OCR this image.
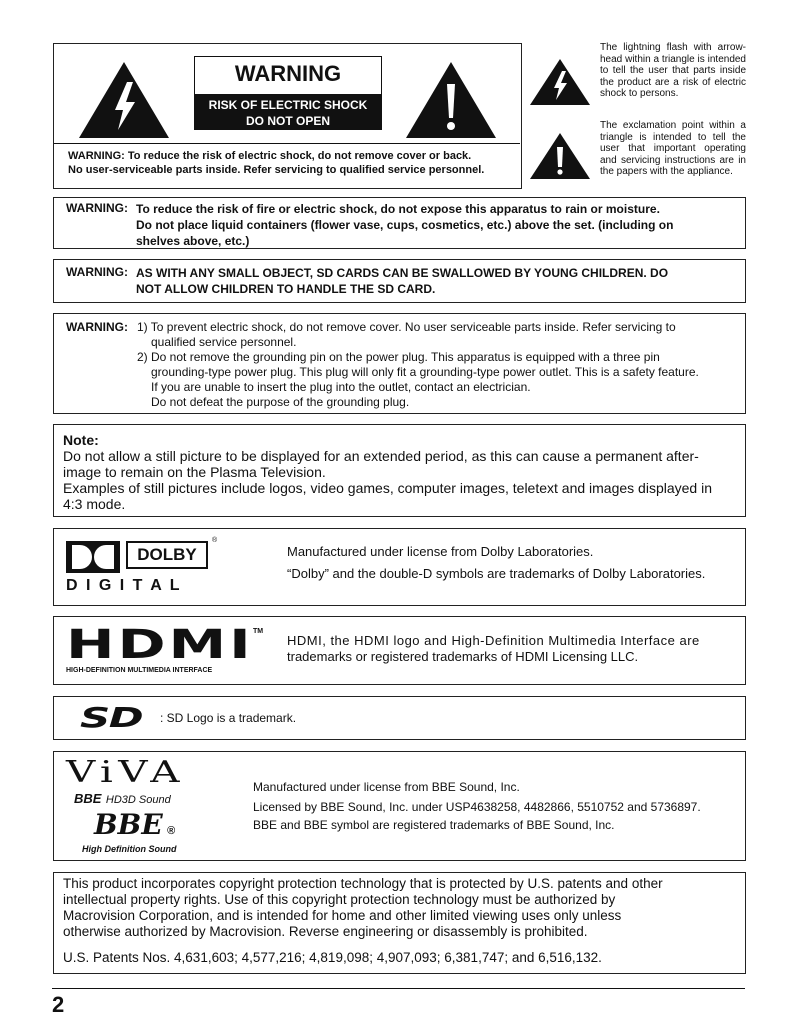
WARNING
RISK OF ELECTRIC SHOCK
DO NOT OPEN
WARNING: To reduce the risk of electric shock, do not remove cover or back.
No user-serviceable parts inside. Refer servicing to qualified service personnel.
The lightning flash with arrow-head within a triangle is intended to tell the user that parts inside the product are a risk of electric shock to persons.
The exclamation point within a triangle is intended to tell the user that important operating and servicing instructions are in the papers with the appliance.
WARNING: To reduce the risk of fire or electric shock, do not expose this apparatus to rain or moisture.
Do not place liquid containers (flower vase, cups, cosmetics, etc.) above the set. (including on
shelves above, etc.)
WARNING: AS WITH ANY SMALL OBJECT, SD CARDS CAN BE SWALLOWED BY YOUNG CHILDREN. DO
NOT ALLOW CHILDREN TO HANDLE THE SD CARD.
WARNING: 1) To prevent electric shock, do not remove cover. No user serviceable parts inside. Refer servicing to
qualified service personnel.
2) Do not remove the grounding pin on the power plug. This apparatus is equipped with a three pin
grounding-type power plug. This plug will only fit a grounding-type power outlet. This is a safety feature.
If you are unable to insert the plug into the outlet, contact an electrician.
Do not defeat the purpose of the grounding plug.
Note:
Do not allow a still picture to be displayed for an extended period, as this can cause a permanent after-
image to remain on the Plasma Television.
Examples of still pictures include logos, video games, computer images, teletext and images displayed in
4:3 mode.
DOLBY
®
D I G I T A L
Manufactured under license from Dolby Laboratories.
“Dolby” and the double-D symbols are trademarks of Dolby Laboratories.
HDMI TM
HIGH-DEFINITION MULTIMEDIA INTERFACE
HDMI, the HDMI logo and High-Definition Multimedia Interface are
trademarks or registered trademarks of HDMI Licensing LLC.
SD : SD Logo is a trademark.
ViVA
BBE HD3D Sound
BBE ®
High Definition Sound
Manufactured under license from BBE Sound, Inc.
Licensed by BBE Sound, Inc. under USP4638258, 4482866, 5510752 and 5736897.
BBE and BBE symbol are registered trademarks of BBE Sound, Inc.
This product incorporates copyright protection technology that is protected by U.S. patents and other
intellectual property rights. Use of this copyright protection technology must be authorized by
Macrovision Corporation, and is intended for home and other limited viewing uses only unless
otherwise authorized by Macrovision. Reverse engineering or disassembly is prohibited.
U.S. Patents Nos. 4,631,603; 4,577,216; 4,819,098; 4,907,093; 6,381,747; and 6,516,132.
2
